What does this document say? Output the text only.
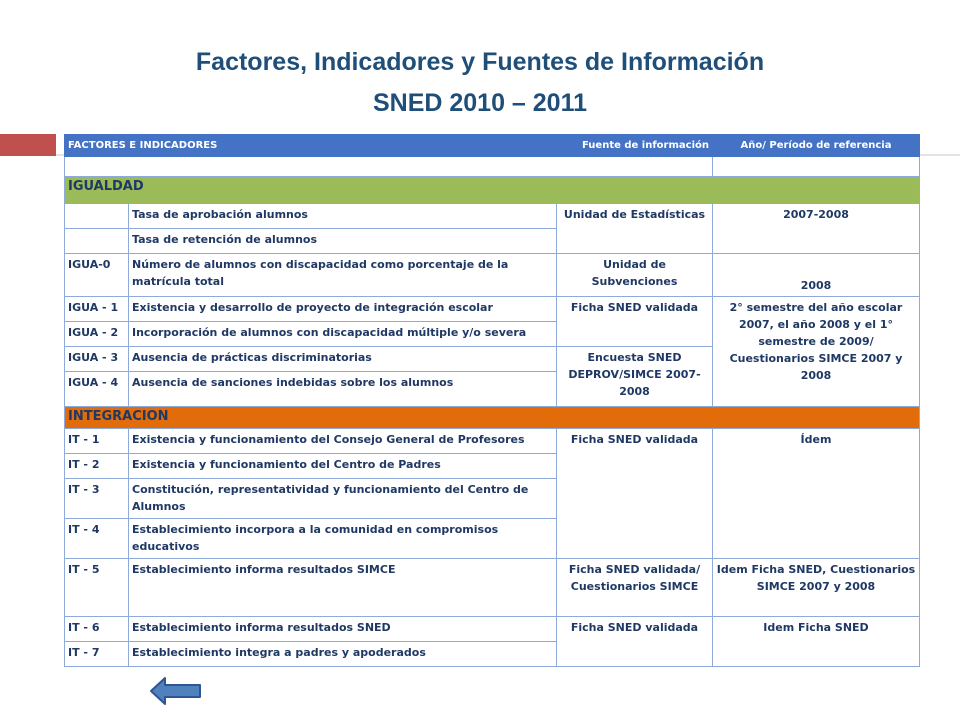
Factores, Indicadores y Fuentes de Información
SNED 2010 – 2011
FACTORES E INDICADORES		Fuente de información	Año/ Período de referencia

IGUALDAD			
	Tasa de aprobación alumnos	Unidad de Estadísticas	2007-2008
	Tasa de retención de alumnos		
IGUA-0	Número de alumnos con discapacidad como porcentaje de la matrícula total	Unidad de Subvenciones	2008
IGUA - 1	Existencia y desarrollo de proyecto de integración escolar	Ficha SNED validada	2° semestre del año escolar 2007, el año 2008 y el 1° semestre de 2009/ Cuestionarios SIMCE 2007 y 2008
IGUA - 2	Incorporación de alumnos con discapacidad múltiple y/o severa		
IGUA - 3	Ausencia de prácticas discriminatorias	Encuesta SNED DEPROV/SIMCE 2007-2008	
IGUA - 4	Ausencia de sanciones indebidas sobre los alumnos		
INTEGRACION			
IT - 1	Existencia y funcionamiento del Consejo General de Profesores	Ficha SNED validada	Ídem
IT - 2	Existencia y funcionamiento del Centro de Padres		
IT - 3	Constitución, representatividad y funcionamiento del Centro de Alumnos		
IT - 4	Establecimiento incorpora a la comunidad en compromisos educativos		
IT - 5	Establecimiento informa resultados SIMCE	Ficha SNED validada/ Cuestionarios SIMCE	Idem Ficha SNED, Cuestionarios SIMCE 2007 y 2008
IT - 6	Establecimiento informa resultados SNED	Ficha SNED validada	Idem Ficha SNED
IT - 7	Establecimiento integra a padres y apoderados		
